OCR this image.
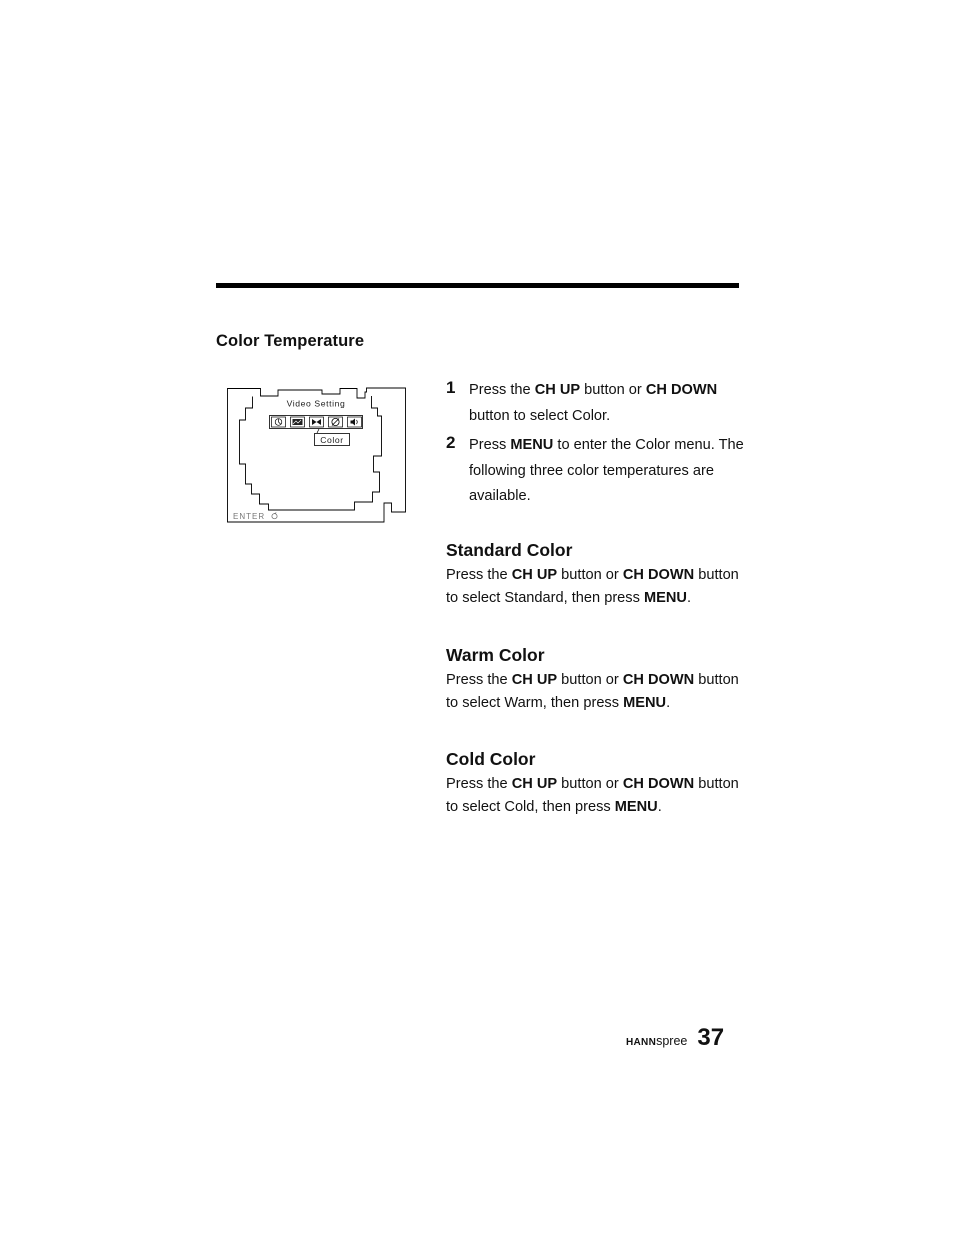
Color Temperature
Video Setting
Color
ENTER

1 Press the CH UP button or CH DOWN button to select Color.

2 Press MENU to enter the Color menu. The following three color temperatures are available.

Standard Color

Press the CH UP button or CH DOWN button to select Standard, then press MENU.

Warm Color

Press the CH UP button or CH DOWN button to select Warm, then press MENU.

Cold Color

Press the CH UP button or CH DOWN button to select Cold, then press MENU.

HANNspree 37
